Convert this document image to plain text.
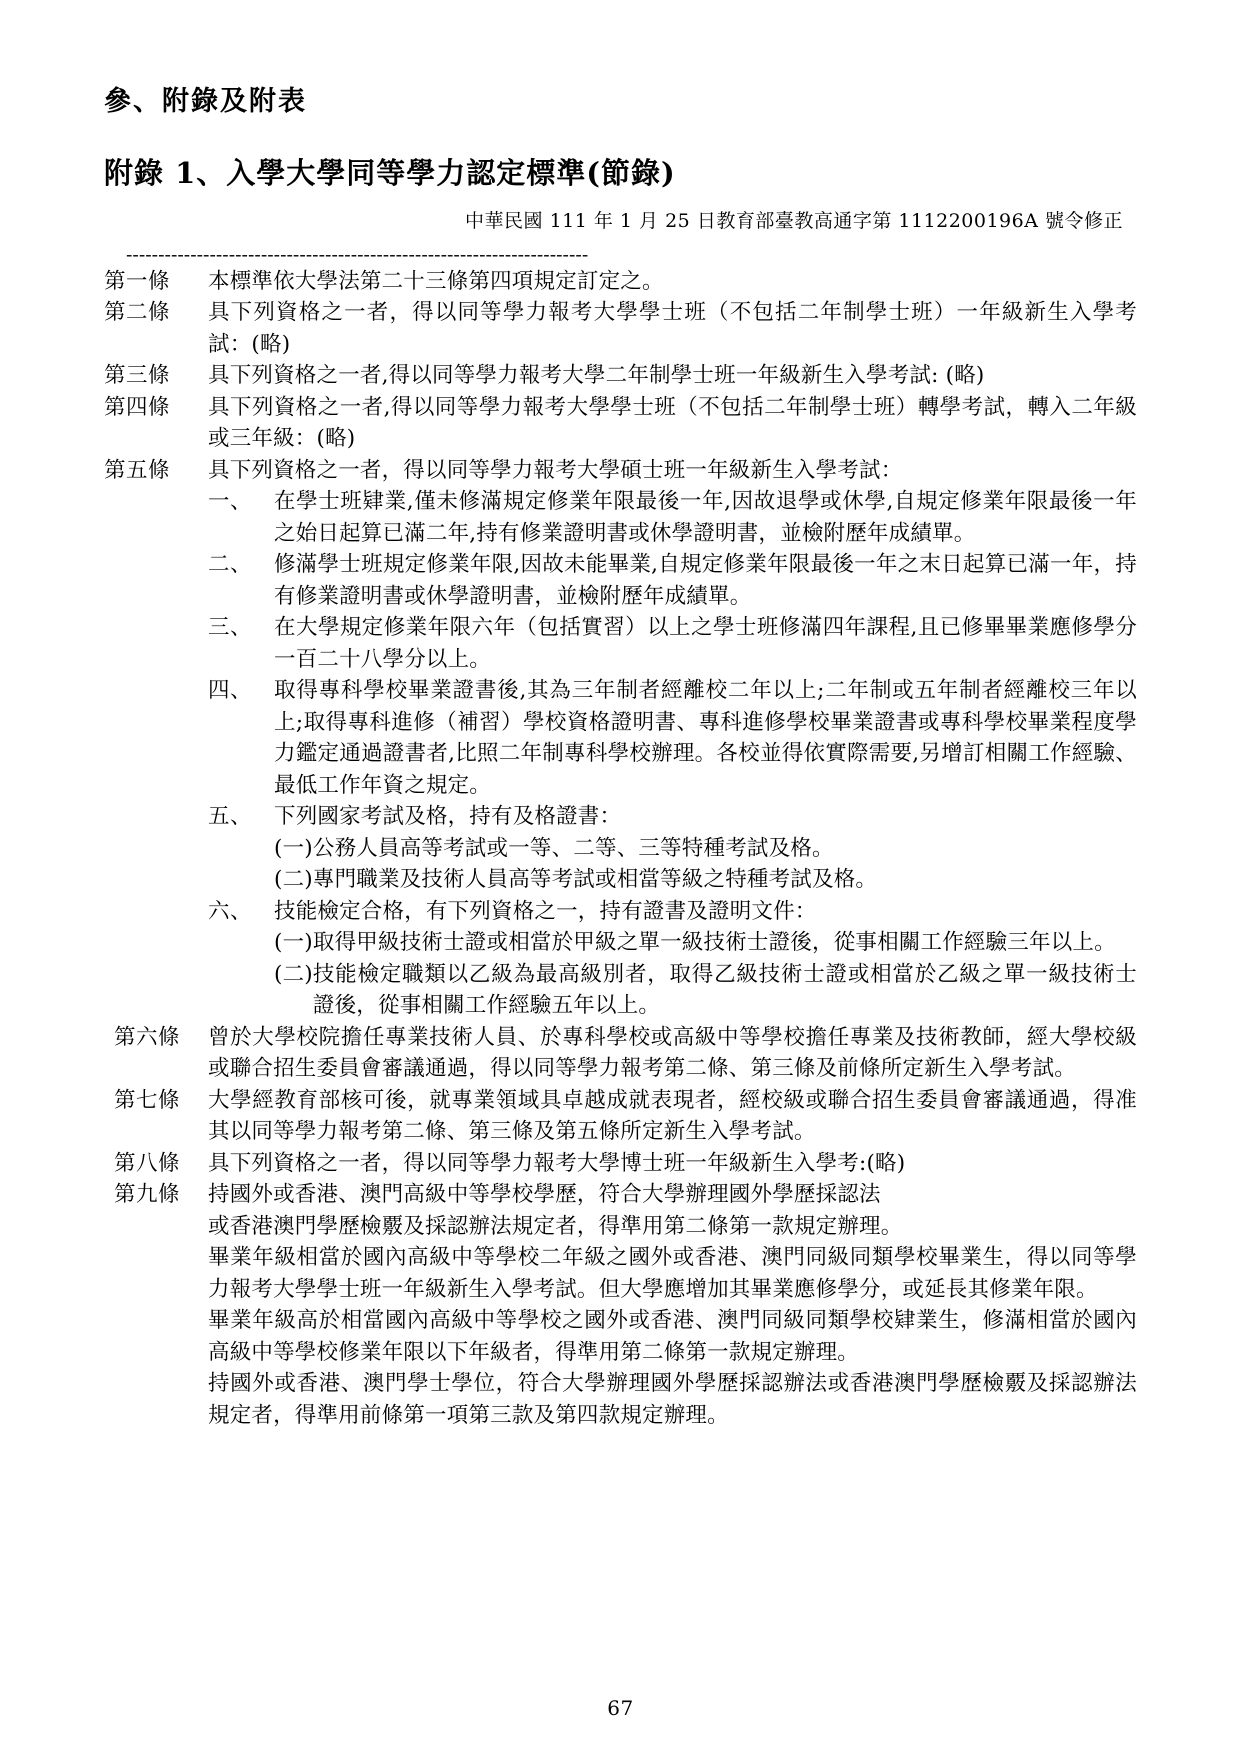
參、附錄及附表
附錄 1、入學大學同等學力認定標準(節錄)
中華民國 111 年 1 月 25 日教育部臺教高通字第 1112200196A 號令修正
------------------------------------------------------------------------
第一條	本標準依大學法第二十三條第四項規定訂定之。

第二條	具下列資格之一者，得以同等學力報考大學學士班（不包括二年制學士班）一年級新生入學考試：(略)

第三條	具下列資格之一者,得以同等學力報考大學二年制學士班一年級新生入學考試: (略)

第四條	具下列資格之一者,得以同等學力報考大學學士班（不包括二年制學士班）轉學考試，轉入二年級或三年級：(略)

第五條	具下列資格之一者，得以同等學力報考大學碩士班一年級新生入學考試：

一、	在學士班肄業,僅未修滿規定修業年限最後一年,因故退學或休學,自規定修業年限最後一年之始日起算已滿二年,持有修業證明書或休學證明書，並檢附歷年成績單。

二、	修滿學士班規定修業年限,因故未能畢業,自規定修業年限最後一年之末日起算已滿一年，持有修業證明書或休學證明書，並檢附歷年成績單。

三、	在大學規定修業年限六年（包括實習）以上之學士班修滿四年課程,且已修畢畢業應修學分一百二十八學分以上。

四、	取得專科學校畢業證書後,其為三年制者經離校二年以上;二年制或五年制者經離校三年以上;取得專科進修（補習）學校資格證明書、專科進修學校畢業證書或專科學校畢業程度學力鑑定通過證書者,比照二年制專科學校辦理。各校並得依實際需要,另增訂相關工作經驗、最低工作年資之規定。

五、	下列國家考試及格，持有及格證書：

(一) 公務人員高等考試或一等、二等、三等特種考試及格。

(二) 專門職業及技術人員高等考試或相當等級之特種考試及格。

六、	技能檢定合格，有下列資格之一，持有證書及證明文件：

(一) 取得甲級技術士證或相當於甲級之單一級技術士證後，從事相關工作經驗三年以上。

(二) 技能檢定職類以乙級為最高級別者，取得乙級技術士證或相當於乙級之單一級技術士證後，從事相關工作經驗五年以上。

第六條	曾於大學校院擔任專業技術人員、於專科學校或高級中等學校擔任專業及技術教師，經大學校級或聯合招生委員會審議通過，得以同等學力報考第二條、第三條及前條所定新生入學考試。

第七條	大學經教育部核可後，就專業領域具卓越成就表現者，經校級或聯合招生委員會審議通過，得准其以同等學力報考第二條、第三條及第五條所定新生入學考試。

第八條	具下列資格之一者，得以同等學力報考大學博士班一年級新生入學考:(略)

第九條	持國外或香港、澳門高級中等學校學歷，符合大學辦理國外學歷採認法

或香港澳門學歷檢覈及採認辦法規定者，得準用第二條第一款規定辦理。

畢業年級相當於國內高級中等學校二年級之國外或香港、澳門同級同類學校畢業生，得以同等學力報考大學學士班一年級新生入學考試。但大學應增加其畢業應修學分，或延長其修業年限。

畢業年級高於相當國內高級中等學校之國外或香港、澳門同級同類學校肄業生，修滿相當於國內高級中等學校修業年限以下年級者，得準用第二條第一款規定辦理。

持國外或香港、澳門學士學位，符合大學辦理國外學歷採認辦法或香港澳門學歷檢覈及採認辦法規定者，得準用前條第一項第三款及第四款規定辦理。

67
